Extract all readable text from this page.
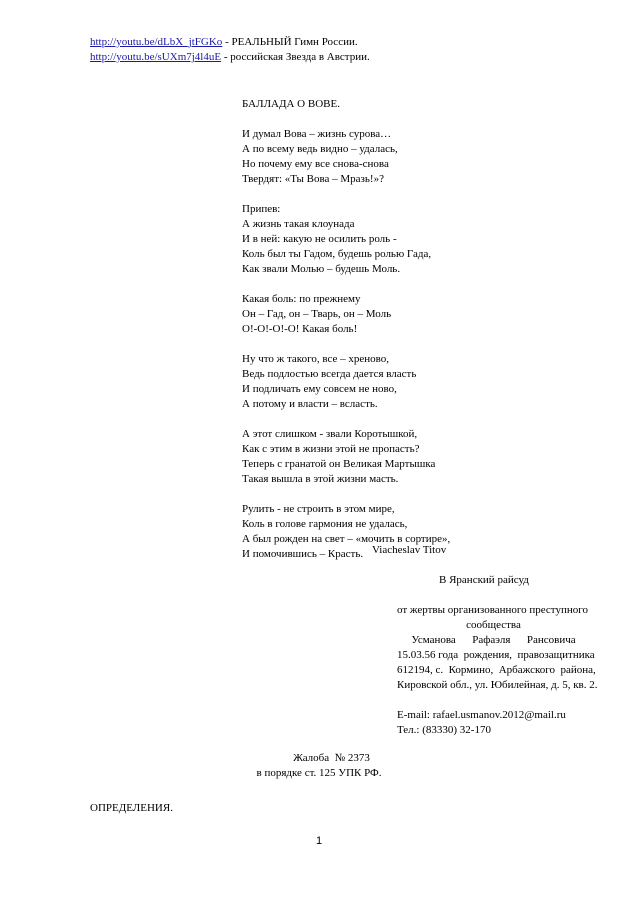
http://youtu.be/dLbX_jtFGKo - РЕАЛЬНЫЙ Гимн России.
http://youtu.be/sUXm7j4l4uE - российская Звезда в Австрии.
БАЛЛАДА О ВОВЕ.
И думал Вова – жизнь сурова…
А по всему ведь видно – удалась,
Но почему ему все снова-снова
Твердят: «Ты Вова – Мразь!»?
Припев:
А жизнь такая клоунада
И в ней: какую не осилить роль -
Коль был ты Гадом, будешь ролью Гада,
Как звали Молью – будешь Моль.
Какая боль: по прежнему
Он – Гад, он – Тварь, он – Моль
О!-О!-О!-О! Какая боль!
Ну что ж такого, все – хреново,
Ведь подлостью всегда дается власть
И подличать ему совсем не ново,
А потому и власти – вcласть.
А этот слишком - звали Коротышкой,
Как с этим в жизни этой не пропасть?
Теперь с гранатой он Великая Мартышка
Такая вышла в этой жизни масть.
Рулить - не строить в этом мире,
Коль в голове гармония не удалась,
А был рожден на свет – «мочить в сортире»,
И помочившись – Красть. Viacheslav Titov
В Яранский райсуд
от жертвы организованного преступного
сообщества
Усманова      Рафаэля      Рансовича
15.03.56 года  рождения,  правозащитника
612194, с.  Кормино,  Арбажского  района,
Кировской обл., ул. Юбилейная, д. 5, кв. 2.
E-mail: rafael.usmanov.2012@mail.ru
Тел.: (83330) 32-170
Жалоба  № 2373
в порядке ст. 125 УПК РФ.
ОПРЕДЕЛЕНИЯ.
1
